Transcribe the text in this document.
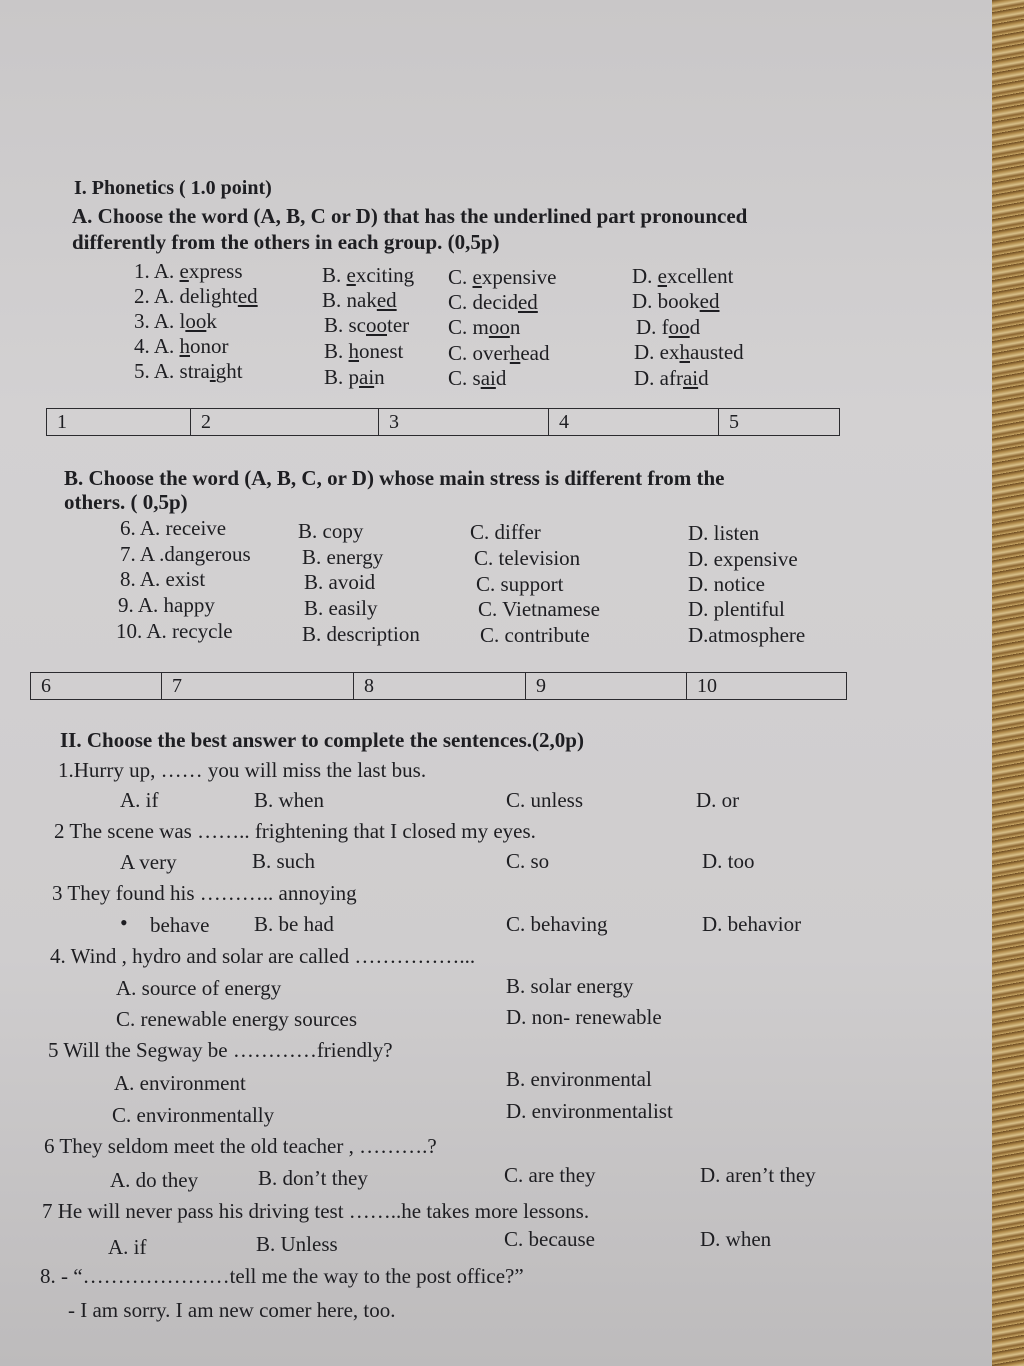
I. Phonetics ( 1.0 point)
A. Choose the word (A, B, C or D) that has the underlined part pronounced
differently from the others in each group. (0,5p)
1. A. express	B. exciting C. expensive	D. excellent
2. A. delighted	B. naked C. decided	D. booked
3. A. look	B. scooter C. moon	D. food
4. A. honor	B. honest C. overhead	D. exhausted
5. A. straight	B. pain	C. said	D. afraid
1	2	3	4	5
B. Choose the word (A, B, C, or D) whose main stress is different from the
others. ( 0,5p)
6. A. receive	B. copy	C. differ	D. listen
7. A .dangerous B. energy	C. television	D. expensive
8. A. exist	B. avoid	C. support	D. notice
9. A. happy	B. easily	C. Vietnamese	D. plentiful
10. A. recycle	B. description	C. contribute	D.atmosphere
6	7	8	9	10
II. Choose the best answer to complete the sentences.(2,0p)
1.Hurry up, …… you will miss the last bus.
A. if	B. when	C. unless	D. or
2 The scene was …….. frightening that I closed my eyes.
A very	B. such	C. so	D. too
3 They found his ……….. annoying
• behave B. be had	C. behaving	D. behavior
4. Wind , hydro and solar are called ……………...
A. source of energy	B. solar energy
C. renewable energy sources	D. non- renewable
5 Will the Segway be …………friendly?
A. environment	B. environmental
C. environmentally	D. environmentalist
6 They seldom meet the old teacher , ……….?
A. do they	B. don’t they	C. are they	D. aren’t they
7 He will never pass his driving test ……..he takes more lessons.
A. if	B. Unless	C. because	D. when
8. - “…………………tell me the way to the post office?”
- I am sorry. I am new comer here, too.
